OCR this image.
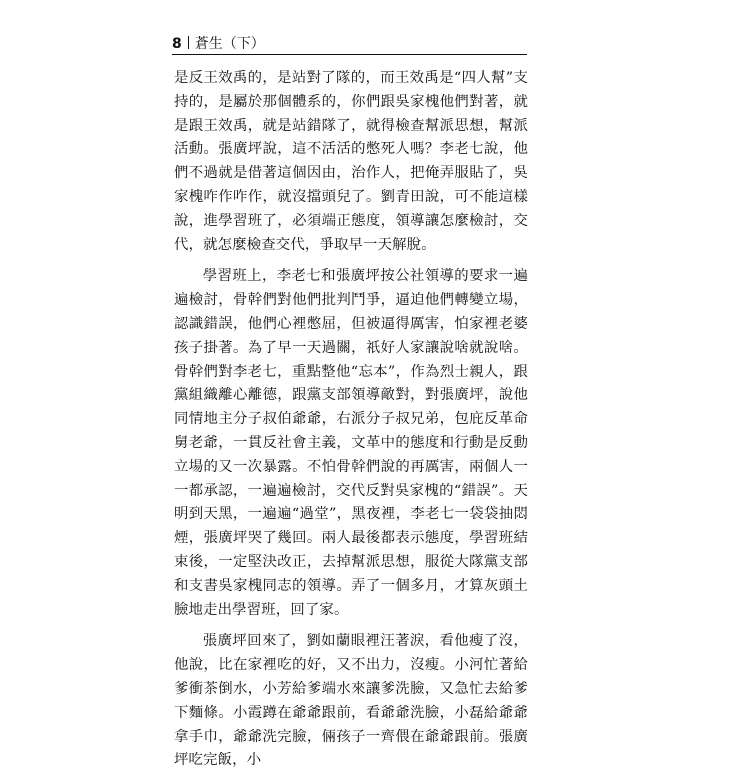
8 蒼生（下）

是反王效禹的，是站對了隊的，而王效禹是“四人幫”支持的，是屬於那個體系的，你們跟吳家槐他們對著，就是跟王效禹，就是站錯隊了，就得檢查幫派思想，幫派活動。張廣坪說，這不活活的憋死人嗎？李老七說，他們不過就是借著這個因由，治作人，把俺弄服貼了，吳家槐咋作咋作，就沒擋頭兒了。劉青田說，可不能這樣說，進學習班了，必須端正態度，領導讓怎麼檢討，交代，就怎麼檢查交代，爭取早一天解脫。

學習班上，李老七和張廣坪按公社領導的要求一遍遍檢討，骨幹們對他們批判鬥爭，逼迫他們轉變立場，認識錯誤，他們心裡憋屈，但被逼得厲害，怕家裡老婆孩子掛著。為了早一天過關，祇好人家讓說啥就說啥。骨幹們對李老七，重點整他“忘本”，作為烈士親人，跟黨組織離心離德，跟黨支部領導敵對，對張廣坪，說他同情地主分子叔伯爺爺，右派分子叔兄弟，包庇反革命舅老爺，一貫反社會主義，文革中的態度和行動是反動立場的又一次暴露。不怕骨幹們說的再厲害，兩個人一一都承認，一遍遍檢討，交代反對吳家槐的“錯誤”。天明到天黑，一遍遍“過堂”，黑夜裡，李老七一袋袋抽悶煙，張廣坪哭了幾回。兩人最後都表示態度，學習班結束後，一定堅決改正，去掉幫派思想，服從大隊黨支部和支書吳家槐同志的領導。弄了一個多月，才算灰頭土臉地走出學習班，回了家。

張廣坪回來了，劉如蘭眼裡汪著淚，看他瘦了沒，他說，比在家裡吃的好，又不出力，沒瘦。小河忙著給爹衝茶倒水，小芳給爹端水來讓爹洗臉，又急忙去給爹下麵條。小霞蹲在爺爺跟前，看爺爺洗臉，小磊給爺爺拿手巾，爺爺洗完臉，倆孩子一齊偎在爺爺跟前。張廣坪吃完飯，小
